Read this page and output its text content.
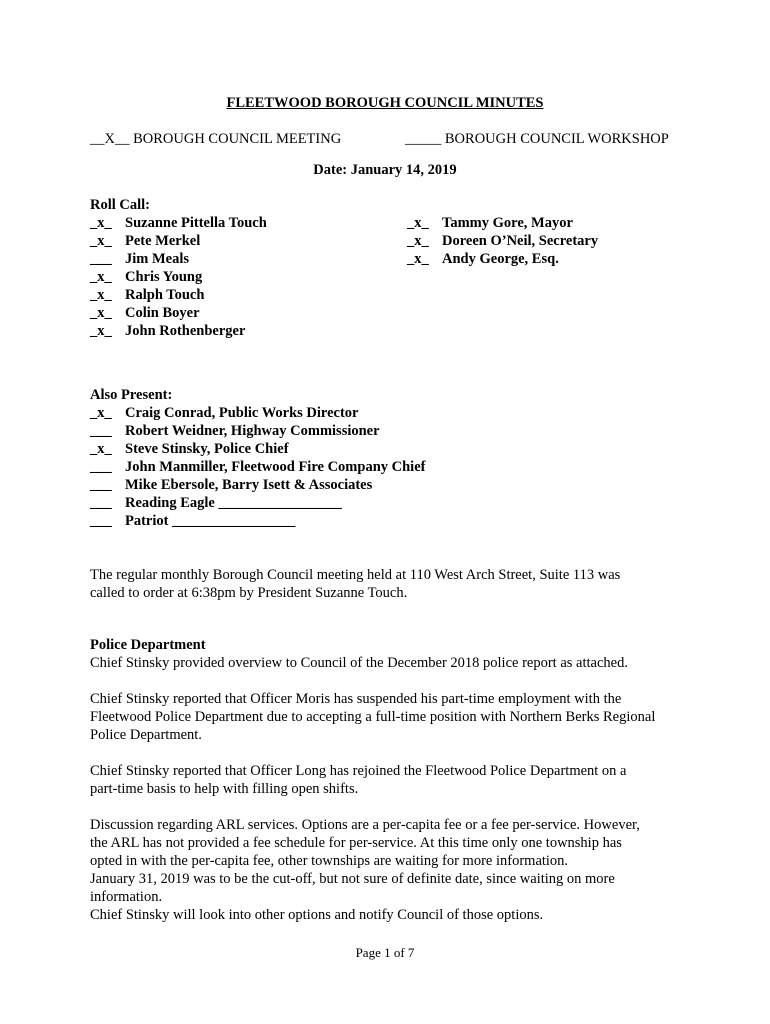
FLEETWOOD BOROUGH COUNCIL MINUTES
__X__ BOROUGH COUNCIL MEETING	_____ BOROUGH COUNCIL WORKSHOP
Date: January 14, 2019
Roll Call:
_x_ Suzanne Pittella Touch
_x_ Pete Merkel
___ Jim Meals
_x_ Chris Young
_x_ Ralph Touch
_x_ Colin Boyer
_x_ John Rothenberger
_x_ Tammy Gore, Mayor
_x_ Doreen O’Neil, Secretary
_x_ Andy George, Esq.
Also Present:
_x_ Craig Conrad, Public Works Director
___ Robert Weidner, Highway Commissioner
_x_ Steve Stinsky, Police Chief
___ John Manmiller, Fleetwood Fire Company Chief
___ Mike Ebersole, Barry Isett & Associates
___ Reading Eagle _________________
___ Patriot _________________
The regular monthly Borough Council meeting held at 110 West Arch Street, Suite 113 was
called to order at 6:38pm by President Suzanne Touch.
Police Department
Chief Stinsky provided overview to Council of the December 2018 police report as attached.
Chief Stinsky reported that Officer Moris has suspended his part-time employment with the
Fleetwood Police Department due to accepting a full-time position with Northern Berks Regional
Police Department.
Chief Stinsky reported that Officer Long has rejoined the Fleetwood Police Department on a
part-time basis to help with filling open shifts.
Discussion regarding ARL services. Options are a per-capita fee or a fee per-service. However,
the ARL has not provided a fee schedule for per-service. At this time only one township has
opted in with the per-capita fee, other townships are waiting for more information.
January 31, 2019 was to be the cut-off, but not sure of definite date, since waiting on more
information.
Chief Stinsky will look into other options and notify Council of those options.
Page 1 of 7
